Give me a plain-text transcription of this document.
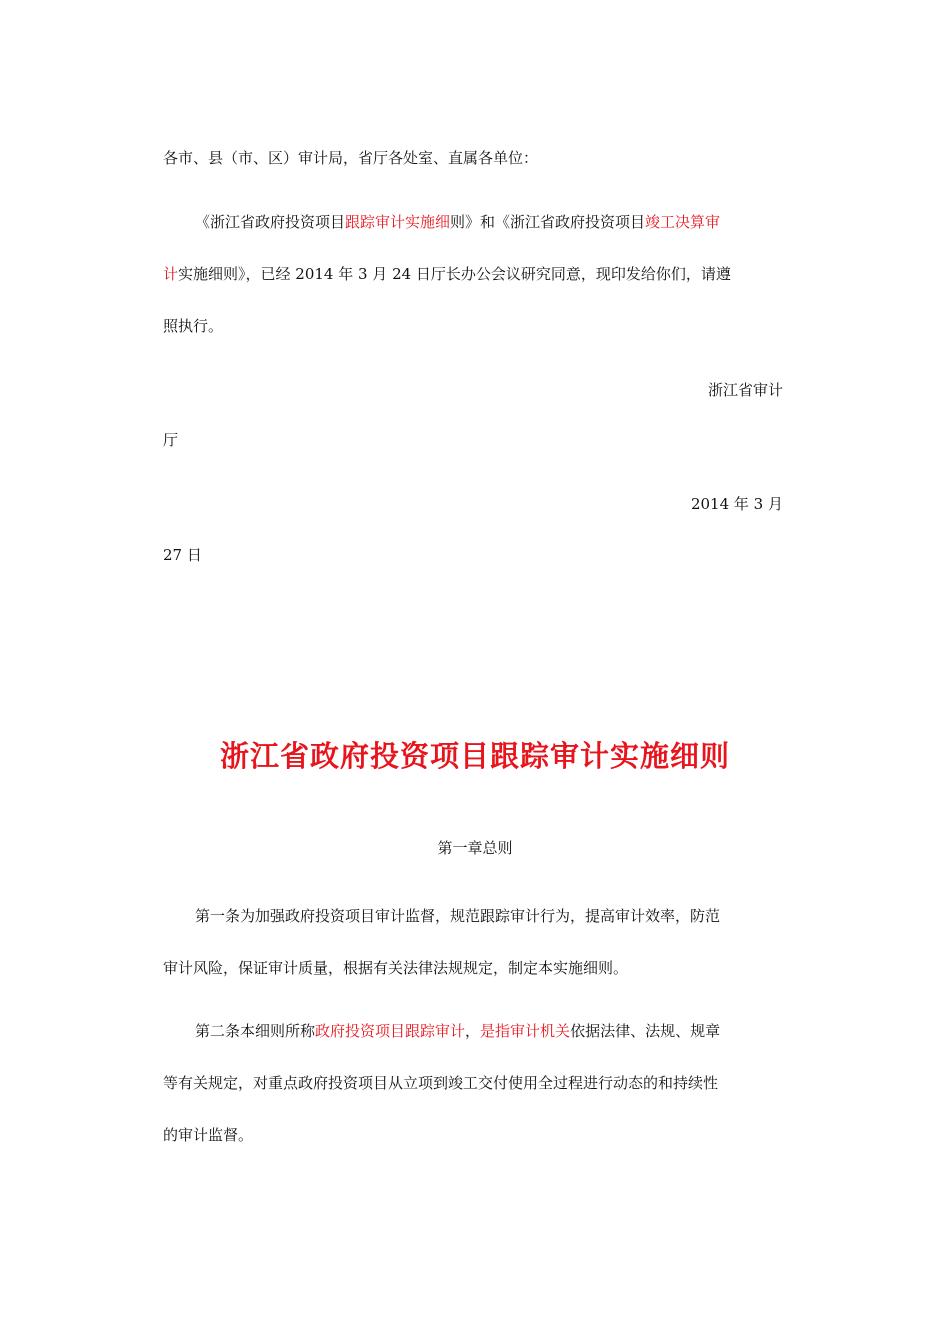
各市、县（市、区）审计局，省厅各处室、直属各单位：
《浙江省政府投资项目跟踪审计实施细则》和《浙江省政府投资项目竣工决算审
计实施细则》，已经 2014 年 3 月 24 日厅长办公会议研究同意，现印发给你们，请遵
照执行。
浙江省审计
厅
2014 年 3 月
27 日
浙江省政府投资项目跟踪审计实施细则
第一章总则
第一条为加强政府投资项目审计监督，规范跟踪审计行为，提高审计效率，防范
审计风险，保证审计质量，根据有关法律法规规定，制定本实施细则。
第二条本细则所称政府投资项目跟踪审计，是指审计机关依据法律、法规、规章
等有关规定，对重点政府投资项目从立项到竣工交付使用全过程进行动态的和持续性
的审计监督。
